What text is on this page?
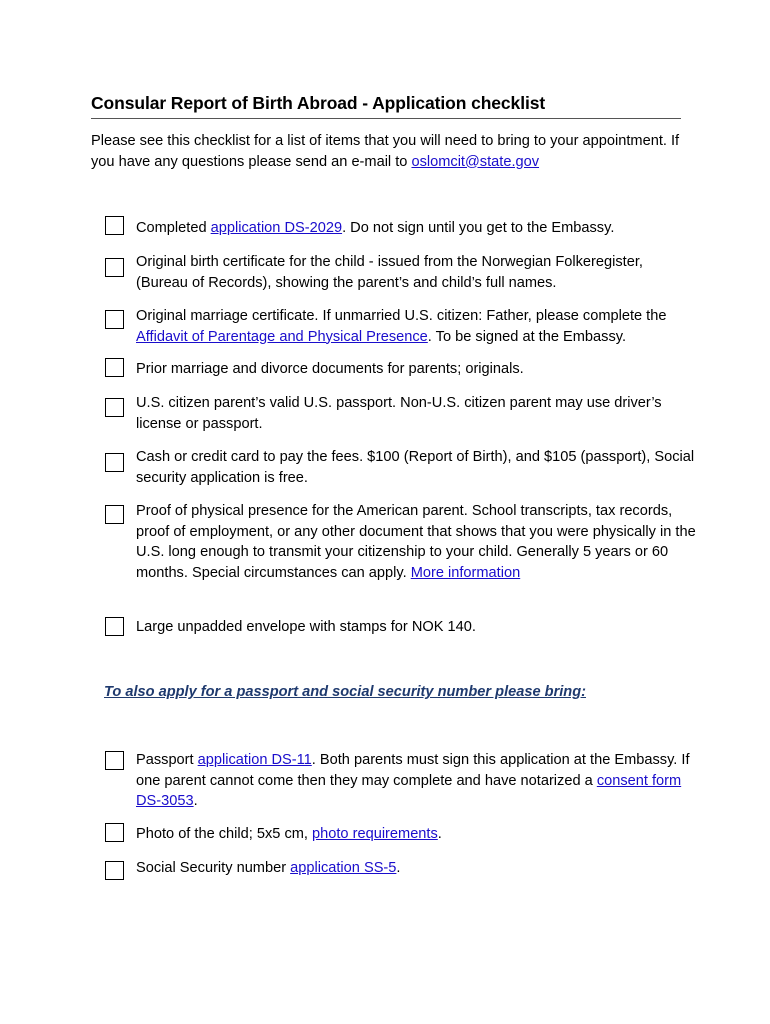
Consular Report of Birth Abroad - Application checklist
Please see this checklist for a list of items that you will need to bring to your appointment. If you have any questions please send an e-mail to oslomcit@state.gov
Completed application DS-2029. Do not sign until you get to the Embassy.
Original birth certificate for the child - issued from the Norwegian Folkeregister, (Bureau of Records), showing the parent’s and child’s full names.
Original marriage certificate. If unmarried U.S. citizen: Father, please complete the Affidavit of Parentage and Physical Presence. To be signed at the Embassy.
Prior marriage and divorce documents for parents; originals.
U.S. citizen parent’s valid U.S. passport. Non-U.S. citizen parent may use driver’s license or passport.
Cash or credit card to pay the fees. $100 (Report of Birth), and $105 (passport), Social security application is free.
Proof of physical presence for the American parent. School transcripts, tax records, proof of employment, or any other document that shows that you were physically in the U.S. long enough to transmit your citizenship to your child. Generally 5 years or 60 months. Special circumstances can apply. More information
Large unpadded envelope with stamps for NOK 140.
To also apply for a passport and social security number please bring:
Passport application DS-11. Both parents must sign this application at the Embassy. If one parent cannot come then they may complete and have notarized a consent form DS-3053.
Photo of the child; 5x5 cm, photo requirements.
Social Security number application SS-5.
